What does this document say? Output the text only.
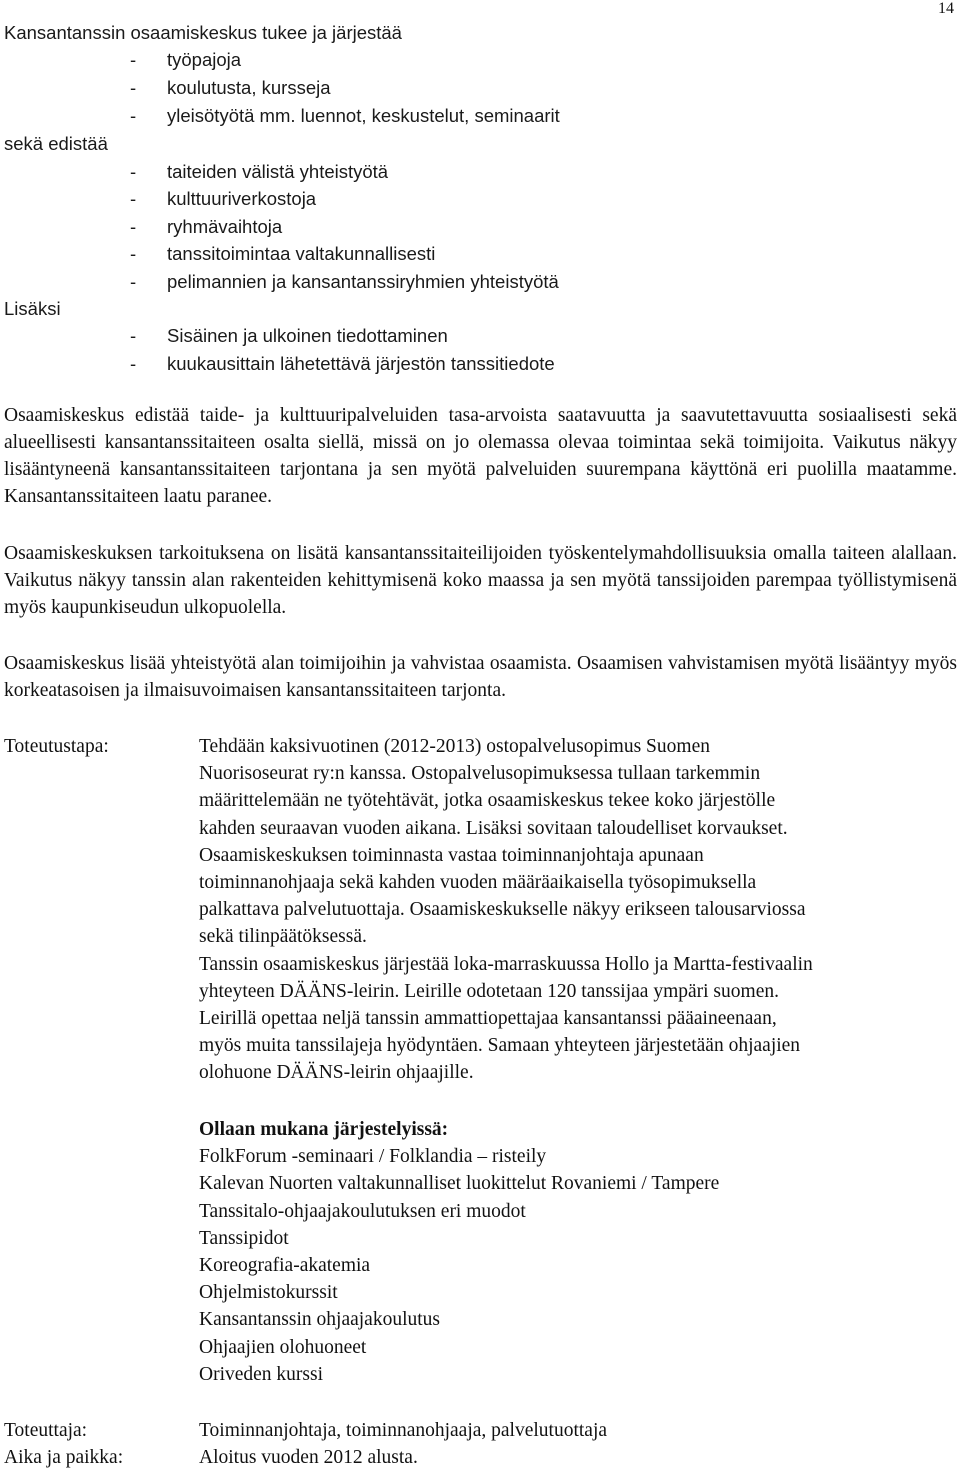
14
Kansantanssin osaamiskeskus tukee ja järjestää
- työpajoja
- koulutusta, kursseja
- yleisötyötä mm. luennot, keskustelut, seminaarit
sekä edistää
- taiteiden välistä yhteistyötä
- kulttuuriverkostoja
- ryhmävaihtoja
- tanssitoimintaa valtakunnallisesti
- pelimannien ja kansantanssiryhmien yhteistyötä
Lisäksi
- Sisäinen ja ulkoinen tiedottaminen
- kuukausittain lähetettävä järjestön tanssitiedote
Osaamiskeskus edistää taide- ja kulttuuripalveluiden tasa-arvoista saatavuutta ja saavutettavuutta sosiaalisesti sekä alueellisesti kansantanssitaiteen osalta siellä, missä on jo olemassa olevaa toimintaa sekä toimijoita. Vaikutus näkyy lisääntyneenä kansantanssitaiteen tarjontana ja sen myötä palveluiden suurempana käyttönä eri puolilla maatamme. Kansantanssitaiteen laatu paranee.
Osaamiskeskuksen tarkoituksena on lisätä kansantanssitaiteilijoiden työskentelymahdollisuuksia omalla taiteen alallaan. Vaikutus näkyy tanssin alan rakenteiden kehittymisenä koko maassa ja sen myötä tanssijoiden parempaa työllistymisenä myös kaupunkiseudun ulkopuolella.
Osaamiskeskus lisää yhteistyötä alan toimijoihin ja vahvistaa osaamista. Osaamisen vahvistamisen myötä lisääntyy myös korkeatasoisen ja ilmaisuvoimaisen kansantanssitaiteen tarjonta.
Toteutustapa:	Tehdään kaksivuotinen (2012-2013) ostopalvelusopimus Suomen
Nuorisoseurat ry:n kanssa. Ostopalvelusopimuksessa tullaan tarkemmin
määrittelemään ne työtehtävät, jotka osaamiskeskus tekee koko järjestölle
kahden seuraavan vuoden aikana. Lisäksi sovitaan taloudelliset korvaukset.
Osaamiskeskuksen toiminnasta vastaa toiminnanjohtaja apunaan
toiminnanohjaaja sekä kahden vuoden määräaikaisella työsopimuksella
palkattava palvelutuottaja. Osaamiskeskukselle näkyy erikseen talousarviossa
sekä tilinpäätöksessä.
Tanssin osaamiskeskus järjestää loka-marraskuussa Hollo ja Martta-festivaalin
yhteyteen DÄÄNS-leirin. Leirille odotetaan 120 tanssijaa ympäri suomen.
Leirillä opettaa neljä tanssin ammattiopettajaa kansantanssi pääaineenaan,
myös muita tanssilajeja hyödyntäen. Samaan yhteyteen järjestetään ohjaajien
olohuone DÄÄNS-leirin ohjaajille.
Ollaan mukana järjestelyissä:
FolkForum -seminaari / Folklandia – risteily
Kalevan Nuorten valtakunnalliset luokittelut Rovaniemi / Tampere
Tanssitalo-ohjaajakoulutuksen eri muodot
Tanssipidot
Koreografia-akatemia
Ohjelmistokurssit
Kansantanssin ohjaajakoulutus
Ohjaajien olohuoneet
Oriveden kurssi
Toteuttaja:	Toiminnanjohtaja, toiminnanohjaaja, palvelutuottaja
Aika ja paikka:	Aloitus vuoden 2012 alusta.
